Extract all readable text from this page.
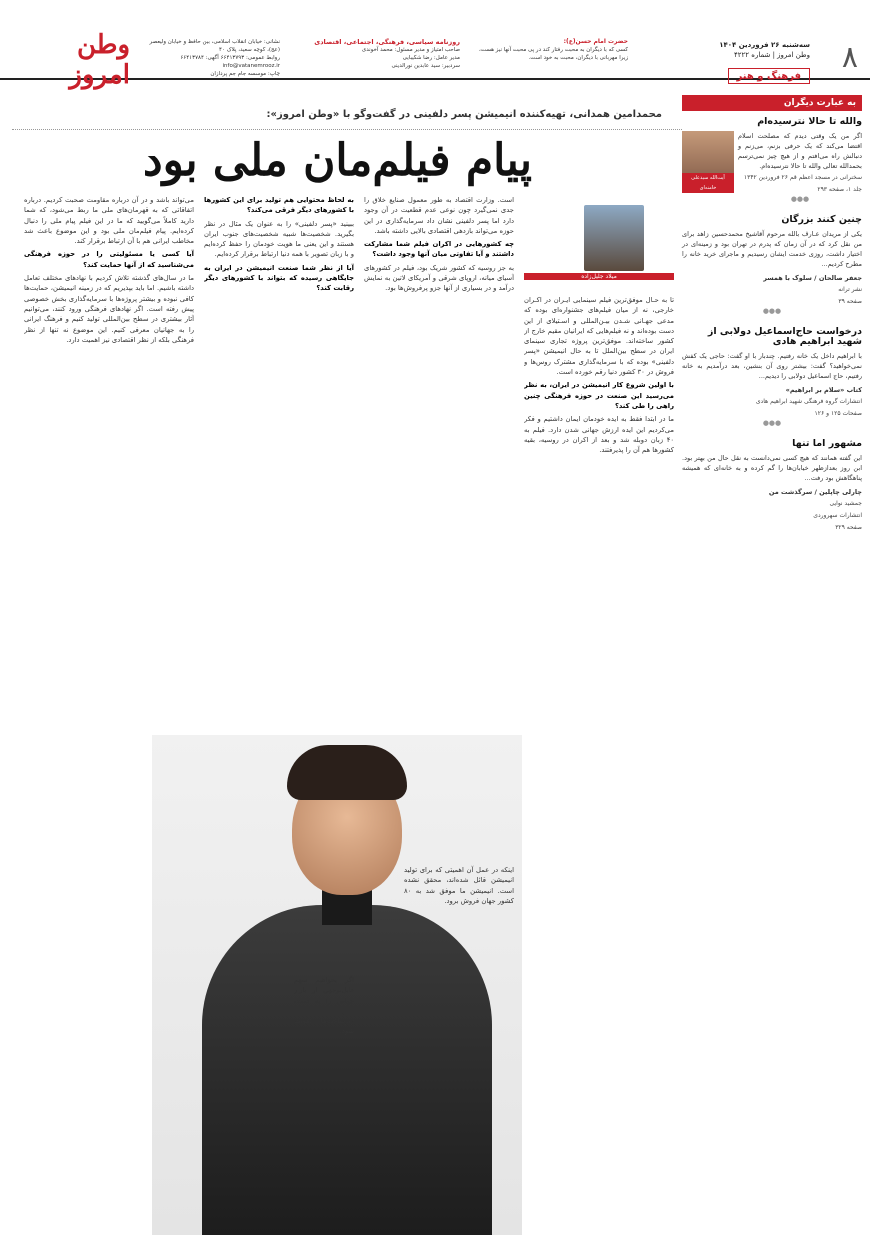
وطن امروز
نشانی: خیابان انقلاب اسلامی، بین حافظ و خیابان ولیعصر (عج)، کوچه سعید، پلاک ۴۰
روابط عمومی: ۶۶۴۱۳۷۹۳ آگهی: ۶۶۴۱۳۷۸۴
info@vatanemrooz.ir
چاپ: موسسه جام جم پردازان
روزنامه سیاسی، فرهنگی، اجتماعی، اقتصادی
صاحب امتیاز و مدیر مسئول: محمد آخوندی
مدیر عامل: رضا شکیبایی
سردبیر: سید عابدین نورالدینی
حضرت امام حسن(ع):
کسی که با دیگران به محبت رفتار کند در پی محبت آنها نیز هست، زیرا مهربانی با دیگران، محبت به خود است.
سه‌شنبه ۲۶ فروردین ۱۴۰۴
وطن امروز | شماره ۴۲۲۲
فرهنگ و هنر
۸
به عبارت دیگران
والله تا حالا نترسیده‌ام
آیت‌الله سیدعلی خامنه‌ای
اگر من یک وقتی دیدم که مصلحت اسلام اقتضا می‌کند که یک حرفی بزنم، می‌زنم و دنبالش راه می‌افتم و از هیچ چیز نمی‌ترسم بحمدالله تعالی والله تا حالا نترسیده‌ام.
سخنرانی در مسجد اعظم قم ۲۶ فروردین ۱۳۴۲
جلد ۱، صفحه ۲۹۳
●●●
چنین کنند بزرگان
یکی از مریدان عـارف بالله مرحوم آقاشیخ محمدحسین زاهد برای من نقل کرد که در آن زمان که پدرم در تهران بود و زمینه‌ای در اختیار داشت، روزی خدمت ایشان رسیدیم و ماجرای خرید خانه را مطرح کردیم...
جعفر صالحان / سلوک با همسر
نشر ترانه
صفحه ۳۹
●●●
درخواست حاج‌اسماعیل دولابی از شهید ابراهیم هادی
با ابراهیم داخل یک خانه رفتیم. چندبار با او گفت: حاجی یک کفش نمی‌خواهید؟ گفت: بیشتر روی آن بنشین، بعد درآمدیم به خانه رفتیم، حاج اسماعیل دولابی را دیدیم...
کتاب «سلام بر ابراهیم»
انتشارات گروه فرهنگی شهید ابراهیم هادی
صفحات ۱۲۵ و ۱۲۶
●●●
مشهور اما تنها
این گفته همانند که هیچ کسی نمی‌دانست به نقل حال من بهتر بود. ابن روز بعدازظهر خیابان‌ها را گم کرده و به خانه‌ای که همیشه پناهگاهش بود رفت...
چارلی چاپلین / سرگذشت من
جمشید نوایی
انتشارات سهروردی
صفحه ۳۲۹
محمدامین همدانی، تهیه‌کننده انیمیشن پسر دلفینی در گفت‌وگو با «وطن امروز»:
پیام فیلم‌مان ملی بود

تا به حـال موفق‌ترین فیلم سینمایی ایـران در اکـران خارجی، نه از میان فیلم‌های جشنواره‌ای بوده که مدعی جهـانی شـدن بیـن‌المللی و اسـتیلای از این دست بوده‌اند و نه فیلم‌هایی که ایرانیان مقیم خارج از کشور ساخته‌اند. موفق‌ترین پروژه تجاری سینمای ایران در سطح بین‌الملل تا به حال انیمیشن «پسر دلفینی» بوده که با سرمایه‌گذاری مشترک روس‌ها و فروش در ۳۰ کشور دنیا رقم خورده است.

با اولین شروع کار انیمیشن در ایران، به نظر می‌رسید این صنعت در حوزه فرهنگی چنین راهی را طی کند؟

ما در ابتدا فقط به ایده خودمان ایمان داشتیم و فکر می‌کردیم این ایده ارزش جهانی شدن دارد. فیلم به ۴۰ زبان دوبله شد و بعد از اکران در روسیه، بقیه کشورها هم آن را پذیرفتند.

میلاد جلیل‌زاده

است. وزارت اقتصاد به طور معمول صنایع خلاق را جدی نمی‌گیرد چون نوعی عدم قطعیت در آن وجود دارد اما پسر دلفینی نشان داد سرمایه‌گذاری در این حوزه می‌تواند بازدهی اقتصادی بالایی داشته باشد.

چه کشورهایی در اکران فیلم شما مشارکت داشتند و آیا تفاوتی میان آنها وجود داشت؟

به جز روسیه که کشور شریک بود، فیلم در کشورهای آسیای میانه، اروپای شرقی و آمریکای لاتین به نمایش درآمد و در بسیاری از آنها جزو پرفروش‌ها بود.

به لحاظ محتوایی هم تولید برای این کشورها با کشورهای دیگر فرقی می‌کند؟

ببینید «پسر دلفینی» را به عنوان یک مثال در نظر بگیرید. شخصیت‌ها شبیه شخصیت‌های جنوب ایران هستند و این یعنی ما هویت خودمان را حفظ کرده‌ایم و با زبان تصویر با همه دنیا ارتباط برقرار کرده‌ایم.

آیا از نظر شما صنعت انیمیشن در ایران به جایگاهی رسیده که بتواند با کشورهای دیگر رقابت کند؟

می‌تواند باشد و در آن درباره مقاومت صحبت کردیم. درباره اتفاقاتی که به قهرمان‌های ملی ما ربط می‌شود، که شما دارید کاملاً می‌گویید که ما در این فیلم پیام ملی را دنبال کرده‌ایم. پیام فیلم‌مان ملی بود و این موضوع باعث شد مخاطب ایرانی هم با آن ارتباط برقرار کند.

آیا کسی یا مسئولیتی را در حوزه فرهنگی می‌شناسید که از آنها حمایت کند؟

ما در سال‌های گذشته تلاش کردیم با نهادهای مختلف تعامل داشته باشیم. اما باید بپذیریم که در زمینه انیمیشن، حمایت‌ها کافی نبوده و بیشتر پروژه‌ها با سرمایه‌گذاری بخش خصوصی پیش رفته است. اگر نهادهای فرهنگی ورود کنند، می‌توانیم آثار بیشتری در سطح بین‌المللی تولید کنیم و فرهنگ ایرانی را به جهانیان معرفی کنیم. این موضوع نه تنها از نظر فرهنگی بلکه از نظر اقتصادی نیز اهمیت دارد.

اینکه در عمل آن اهمیتی که برای تولید انیمیشن قائل شده‌اند، محقق نشده است. انیمیشن ما موفق شد به ۸۰ کشور جهان فروش برود.

اگر بخواهیم سهم قابل‌توجهی از بازار جهانی را به دست بیاوریم باید زیرساخت‌ها تقویت شود.
